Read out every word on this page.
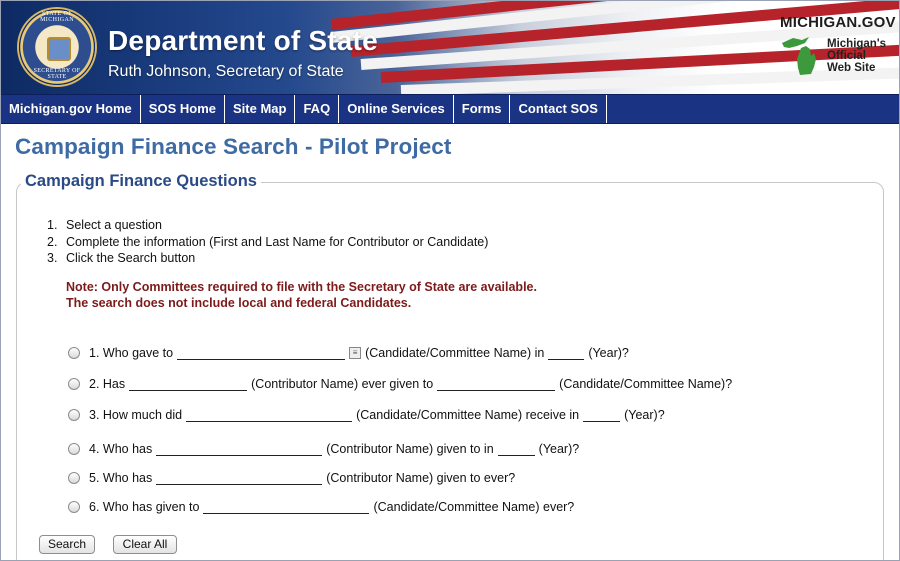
STATE OF MICHIGAN
SECRETARY OF STATE
Department of State
Ruth Johnson, Secretary of State
MICHIGAN.GOV
Michigan's Official Web Site
Michigan.gov Home	SOS Home	Site Map	FAQ	Online Services	Forms	Contact SOS
Campaign Finance Search - Pilot Project
Campaign Finance Questions
1. Select a question
2. Complete the information (First and Last Name for Contributor or Candidate)
3. Click the Search button
Note: Only Committees required to file with the Secretary of State are available.
The search does not include local and federal Candidates.
1. Who gave to	≡ (Candidate/Committee Name) in	(Year)?
2. Has	(Contributor Name) ever given to	(Candidate/Committee Name)?
3. How much did	(Candidate/Committee Name) receive in	(Year)?
4. Who has	(Contributor Name) given to in	(Year)?
5. Who has	(Contributor Name) given to ever?
6. Who has given to	(Candidate/Committee Name) ever?
Search	Clear All
